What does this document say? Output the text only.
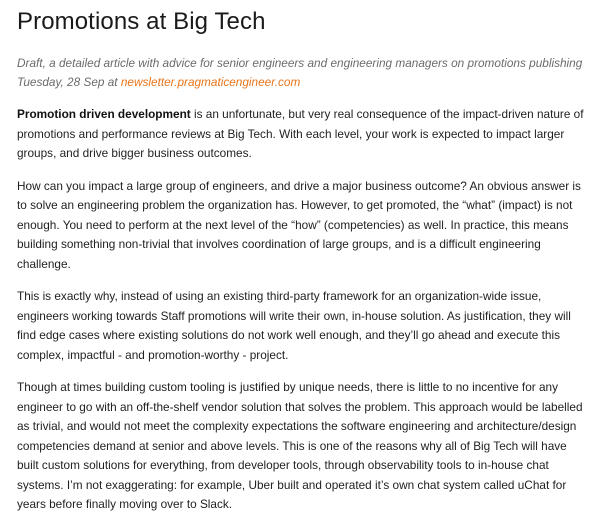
Promotions at Big Tech

Draft, a detailed article with advice for senior engineers and engineering managers on promotions publishing Tuesday, 28 Sep at newsletter.pragmaticengineer.com

Promotion driven development is an unfortunate, but very real consequence of the impact-driven nature of promotions and performance reviews at Big Tech. With each level, your work is expected to impact larger groups, and drive bigger business outcomes.

How can you impact a large group of engineers, and drive a major business outcome? An obvious answer is to solve an engineering problem the organization has. However, to get promoted, the “what” (impact) is not enough. You need to perform at the next level of the “how” (competencies) as well. In practice, this means building something non-trivial that involves coordination of large groups, and is a difficult engineering challenge.

This is exactly why, instead of using an existing third-party framework for an organization-wide issue, engineers working towards Staff promotions will write their own, in-house solution. As justification, they will find edge cases where existing solutions do not work well enough, and they’ll go ahead and execute this complex, impactful - and promotion-worthy - project.

Though at times building custom tooling is justified by unique needs, there is little to no incentive for any engineer to go with an off-the-shelf vendor solution that solves the problem. This approach would be labelled as trivial, and would not meet the complexity expectations the software engineering and architecture/design competencies demand at senior and above levels. This is one of the reasons why all of Big Tech will have built custom solutions for everything, from developer tools, through observability tools to in-house chat systems. I’m not exaggerating: for example, Uber built and operated it’s own chat system called uChat for years before finally moving over to Slack.
